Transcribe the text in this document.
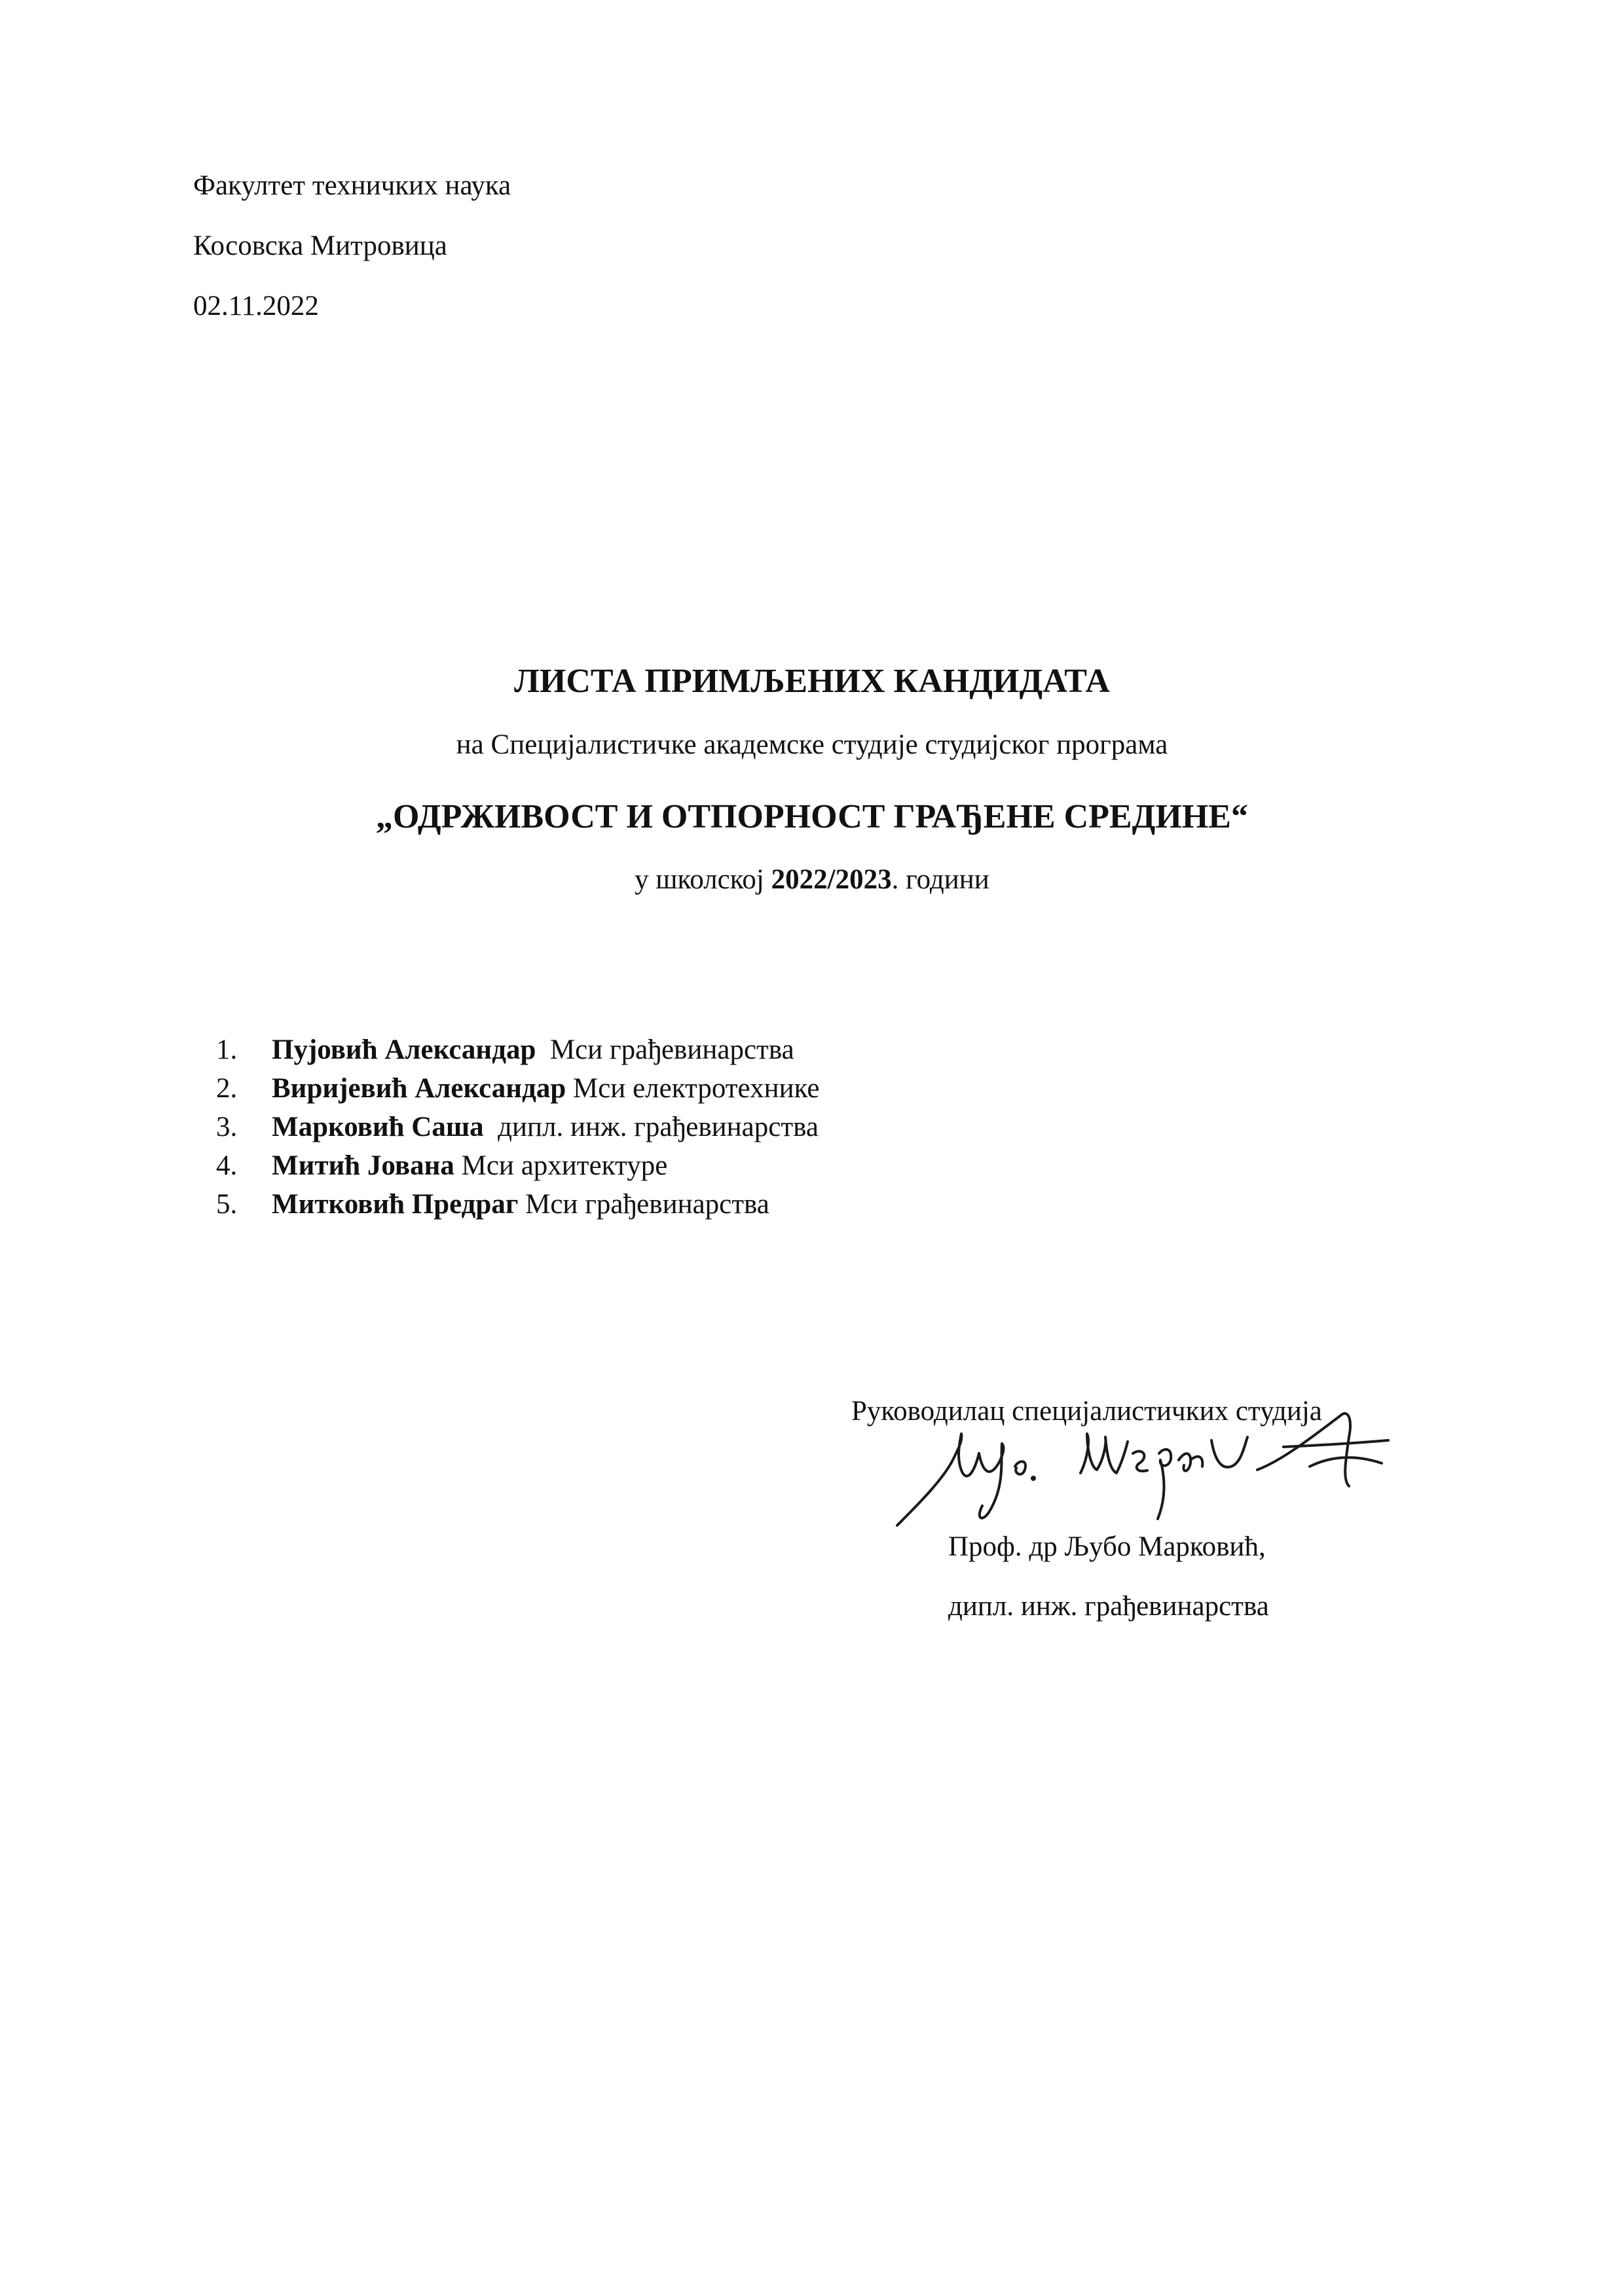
Факултет техничких наука
Косовска Митровица
02.11.2022
ЛИСТА ПРИМЉЕНИХ КАНДИДАТА
на Специјалистичке академске студије студијског програма
„ОДРЖИВОСТ И ОТПОРНОСТ ГРАЂЕНЕ СРЕДИНЕ“
у школској 2022/2023. години
1. Пујовић Александар Мси грађевинарства
2. Виријевић Александар Мси електротехнике
3. Марковић Саша дипл. инж. грађевинарства
4. Митић Јована Мси архитектуре
5. Митковић Предраг Мси грађевинарства
Руководилац специјалистичких студија
Проф. др Љубо Марковић,
дипл. инж. грађевинарства
